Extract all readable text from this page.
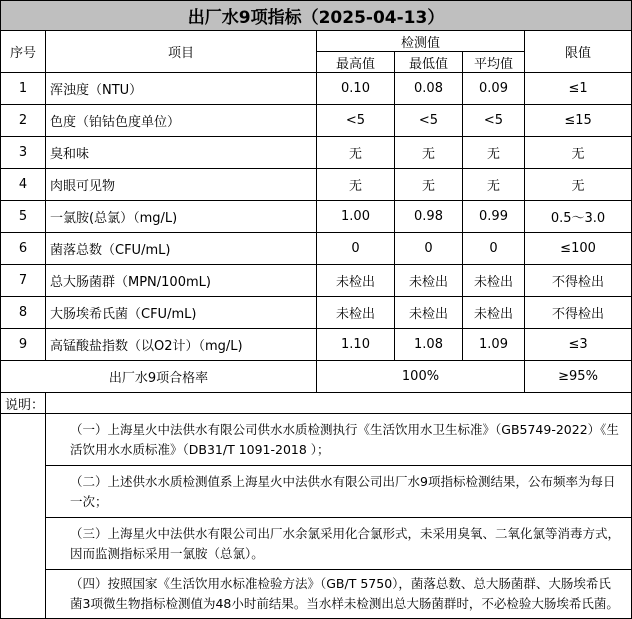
出厂水9项指标（2025-04-13）					
序号	项目	检测值			限值
		最高值	最低值	平均值	
1	浑浊度（NTU）	0.10	0.08	0.09	≤1
2	色度（铂钴色度单位）	<5	<5	<5	≤15
3	臭和味	无	无	无	无
4	肉眼可见物	无	无	无	无
5	一氯胺(总氯）（mg/L)	1.00	0.98	0.99	0.5～3.0
6	菌落总数（CFU/mL)	0	0	0	≤100
7	总大肠菌群（MPN/100mL)	未检出	未检出	未检出	不得检出
8	大肠埃希氏菌（CFU/mL)	未检出	未检出	未检出	不得检出
9	高锰酸盐指数（以O2计）（mg/L)	1.10	1.08	1.09	≤3
出厂水9项合格率		100%			≥95%
说明：					
	（一）上海星火中法供水有限公司供水水质检测执行《生活饮用水卫生标准》（GB5749-2022）《生活饮用水水质标准》（DB31/T 1091-2018 ）；				
	（二）上述供水水质检测值系上海星火中法供水有限公司出厂水9项指标检测结果，公布频率为每日一次；				
	（三）上海星火中法供水有限公司出厂水余氯采用化合氯形式，未采用臭氧、二氧化氯等消毒方式，因而监测指标采用一氯胺（总氯）。				
	（四）按照国家《生活饮用水标准检验方法》（GB/T 5750），菌落总数、总大肠菌群、大肠埃希氏菌3项微生物指标检测值为48小时前结果。当水样未检测出总大肠菌群时，不必检验大肠埃希氏菌。				
